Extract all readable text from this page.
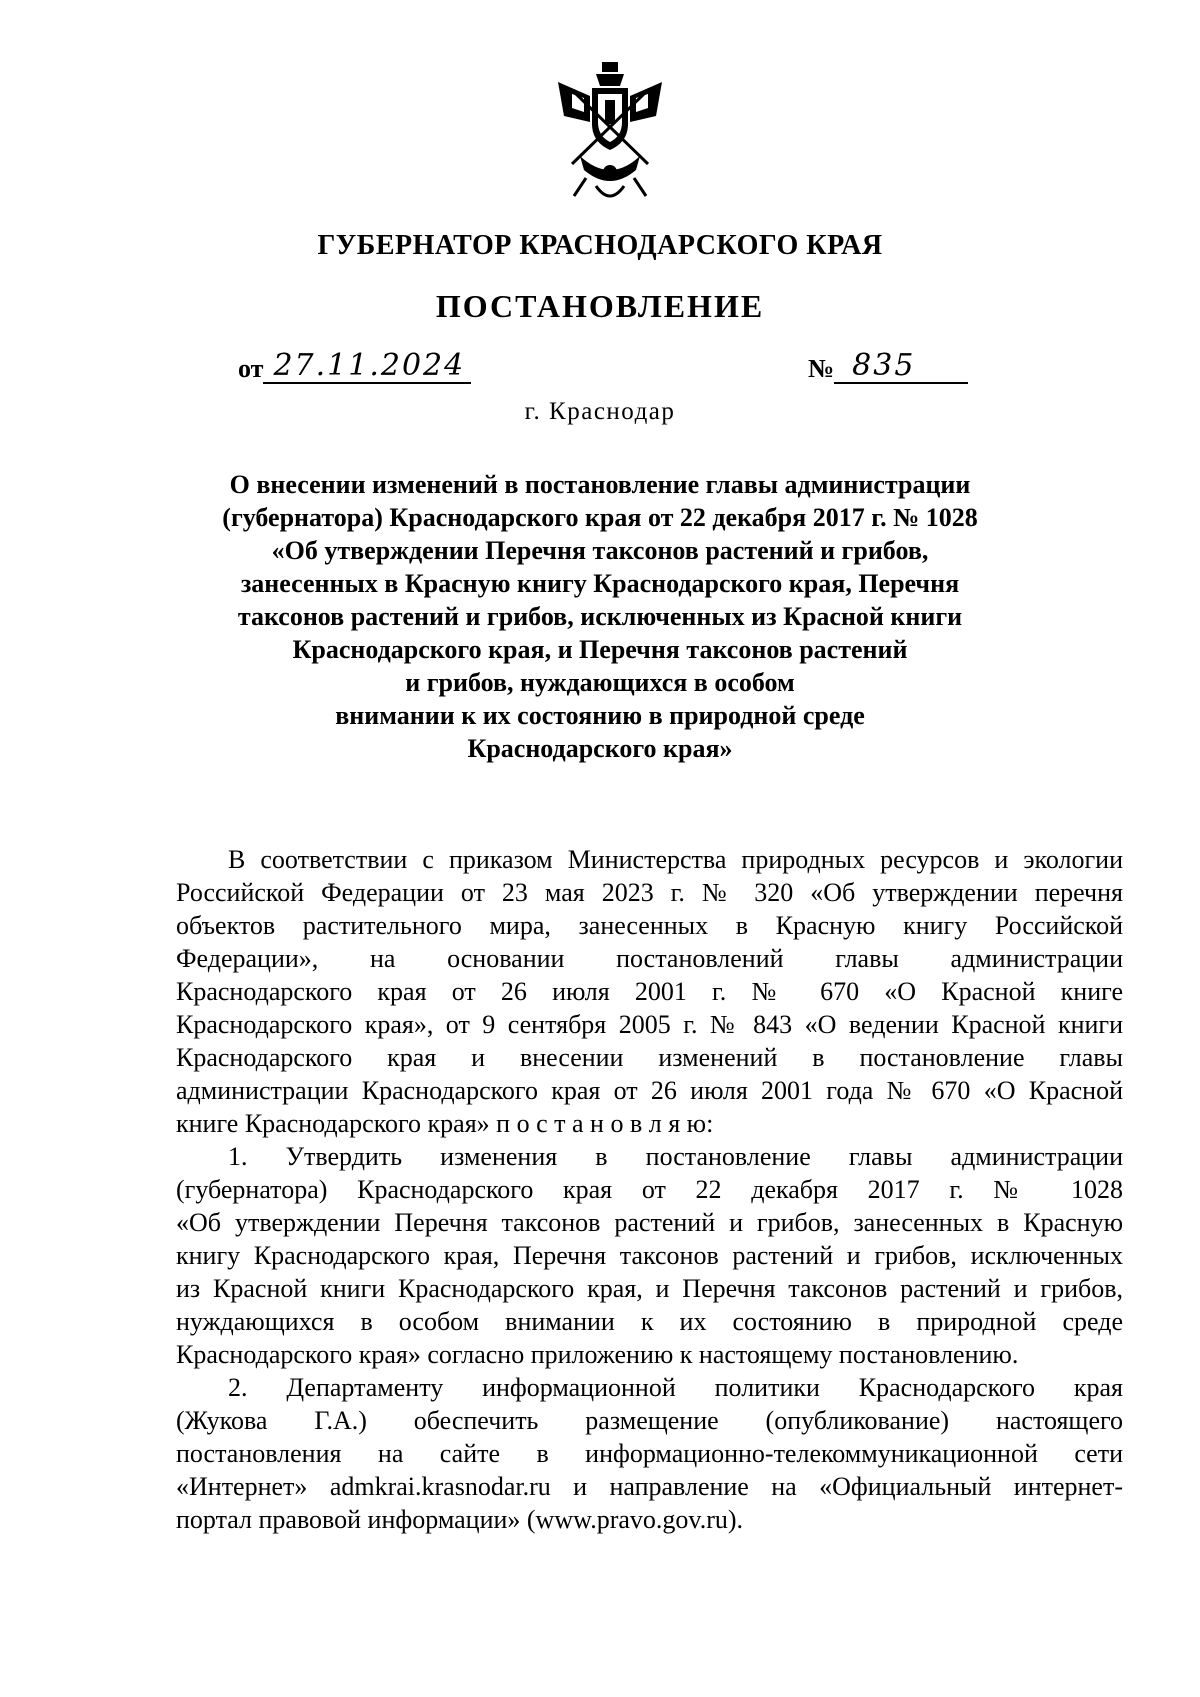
ГУБЕРНАТОР КРАСНОДАРСКОГО КРАЯ
ПОСТАНОВЛЕНИЕ
от 27.11.2024	№ 835
г. Краснодар
О внесении изменений в постановление главы администрации
(губернатора) Краснодарского края от 22 декабря 2017 г. № 1028
«Об утверждении Перечня таксонов растений и грибов,
занесенных в Красную книгу Краснодарского края, Перечня
таксонов растений и грибов, исключенных из Красной книги
Краснодарского края, и Перечня таксонов растений
и грибов, нуждающихся в особом
внимании к их состоянию в природной среде
Краснодарского края»
В соответствии с приказом Министерства природных ресурсов и экологии
Российской Федерации от 23 мая 2023 г. № 320 «Об утверждении перечня
объектов растительного мира, занесенных в Красную книгу Российской
Федерации», на основании постановлений главы администрации
Краснодарского края от 26 июля 2001 г. № 670 «О Красной книге
Краснодарского края», от 9 сентября 2005 г. № 843 «О ведении Красной книги
Краснодарского края и внесении изменений в постановление главы
администрации Краснодарского края от 26 июля 2001 года № 670 «О Красной
книге Краснодарского края» п о с т а н о в л я ю:
1. Утвердить изменения в постановление главы администрации
(губернатора) Краснодарского края от 22 декабря 2017 г. № 1028
«Об утверждении Перечня таксонов растений и грибов, занесенных в Красную
книгу Краснодарского края, Перечня таксонов растений и грибов, исключенных
из Красной книги Краснодарского края, и Перечня таксонов растений и грибов,
нуждающихся в особом внимании к их состоянию в природной среде
Краснодарского края» согласно приложению к настоящему постановлению.
2. Департаменту информационной политики Краснодарского края
(Жукова Г.А.) обеспечить размещение (опубликование) настоящего
постановления на сайте в информационно-телекоммуникационной сети
«Интернет» admkrai.krasnodar.ru и направление на «Официальный интернет-
портал правовой информации» (www.pravo.gov.ru).
